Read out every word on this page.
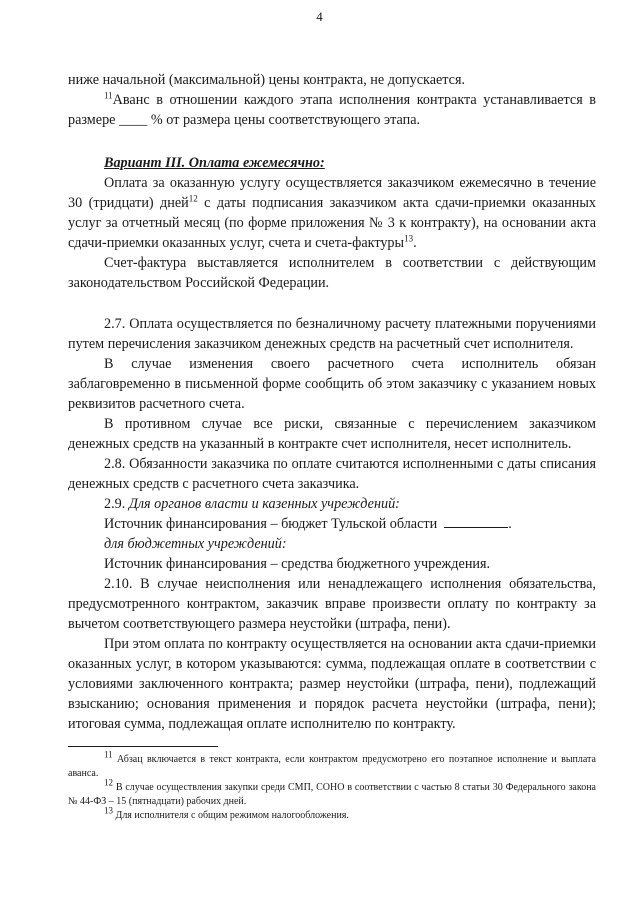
4

ниже начальной (максимальной) цены контракта, не допускается.

$^{11}$Аванс в отношении каждого этапа исполнения контракта устанавливается в размере ____ % от размера цены соответствующего этапа.

Вариант III. Оплата ежемесячно:

Оплата за оказанную услугу осуществляется заказчиком ежемесячно в течение 30 (тридцати) дней$^{12}$ с даты подписания заказчиком акта сдачи-приемки оказанных услуг за отчетный месяц (по форме приложения № 3 к контракту), на основании акта сдачи-приемки оказанных услуг, счета и счета-фактуры$^{13}$.

Счет-фактура выставляется исполнителем в соответствии с действующим законодательством Российской Федерации.

2.7. Оплата осуществляется по безналичному расчету платежными поручениями путем перечисления заказчиком денежных средств на расчетный счет исполнителя.

В случае изменения своего расчетного счета исполнитель обязан заблаговременно в письменной форме сообщить об этом заказчику с указанием новых реквизитов расчетного счета.

В противном случае все риски, связанные с перечислением заказчиком денежных средств на указанный в контракте счет исполнителя, несет исполнитель.

2.8. Обязанности заказчика по оплате считаются исполненными с даты списания денежных средств с расчетного счета заказчика.

2.9. Для органов власти и казенных учреждений:

Источник финансирования – бюджет Тульской области	.

для бюджетных учреждений:

Источник финансирования – средства бюджетного учреждения.

2.10. В случае неисполнения или ненадлежащего исполнения обязательства, предусмотренного контрактом, заказчик вправе произвести оплату по контракту за вычетом соответствующего размера неустойки (штрафа, пени).

При этом оплата по контракту осуществляется на основании акта сдачи-приемки оказанных услуг, в котором указываются: сумма, подлежащая оплате в соответствии с условиями заключенного контракта; размер неустойки (штрафа, пени), подлежащий взысканию; основания применения и порядок расчета неустойки (штрафа, пени); итоговая сумма, подлежащая оплате исполнителю по контракту.

11 Абзац включается в текст контракта, если контрактом предусмотрено его поэтапное исполнение и выплата аванса.

12 В случае осуществления закупки среди СМП, СОНО в соответствии с частью 8 статьи 30 Федерального закона № 44-ФЗ – 15 (пятнадцати) рабочих дней.

13 Для исполнителя с общим режимом налогообложения.
